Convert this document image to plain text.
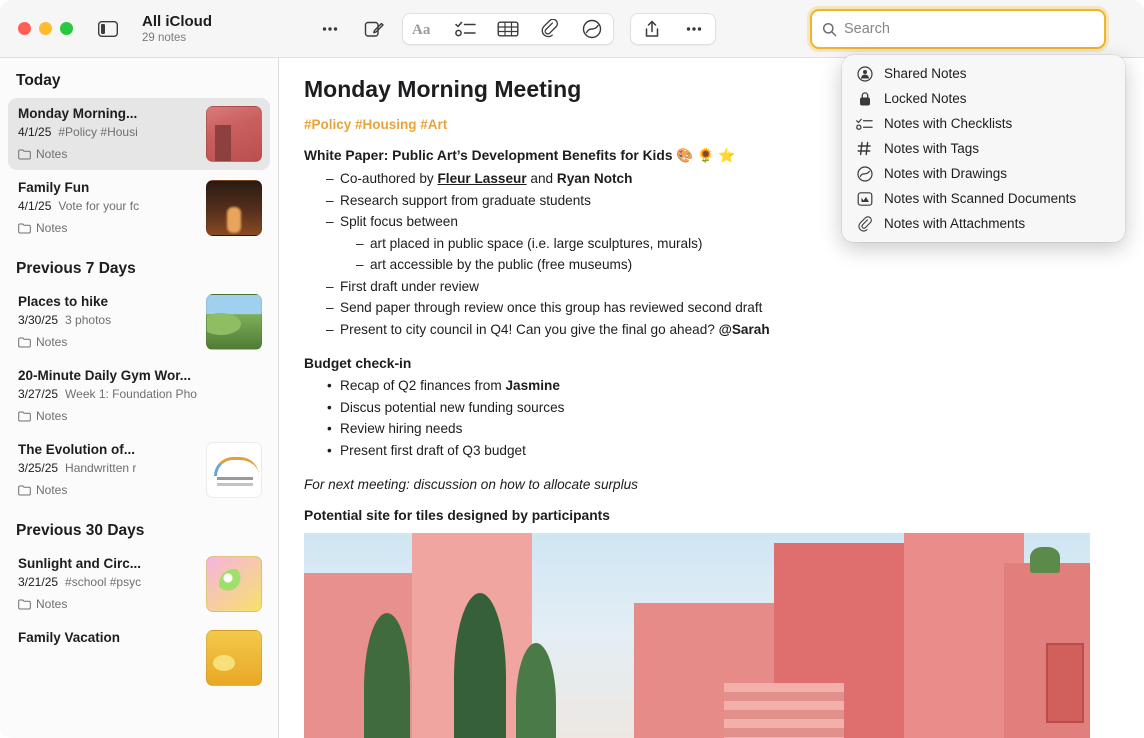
All iCloud
29 notes	Aa
Search
Today
Monday Morning...
4/1/25 #Policy #Housi
Notes
Family Fun
4/1/25 Vote for your fc
Notes
Previous 7 Days
Places to hike
3/30/25 3 photos
Notes
20-Minute Daily Gym Wor...
3/27/25 Week 1: Foundation Pho
Notes
The Evolution of...
3/25/25 Handwritten r
Notes
Previous 30 Days
Sunlight and Circ...
3/21/25 #school #psyc
Notes
Family Vacation
Monday Morning Meeting
#Policy #Housing #Art
White Paper: Public Art’s Development Benefits for Kids 🎨 🌻 ⭐
– Co-authored by Fleur Lasseur and Ryan Notch
– Research support from graduate students
– Split focus between
– art placed in public space (i.e. large sculptures, murals)
– art accessible by the public (free museums)
– First draft under review
– Send paper through review once this group has reviewed second draft
– Present to city council in Q4! Can you give the final go ahead? @Sarah
Budget check-in
• Recap of Q2 finances from Jasmine
• Discus potential new funding sources
• Review hiring needs
• Present first draft of Q3 budget
For next meeting: discussion on how to allocate surplus
Potential site for tiles designed by participants
Shared Notes
Locked Notes
Notes with Checklists
Notes with Tags
Notes with Drawings
Notes with Scanned Documents
Notes with Attachments
